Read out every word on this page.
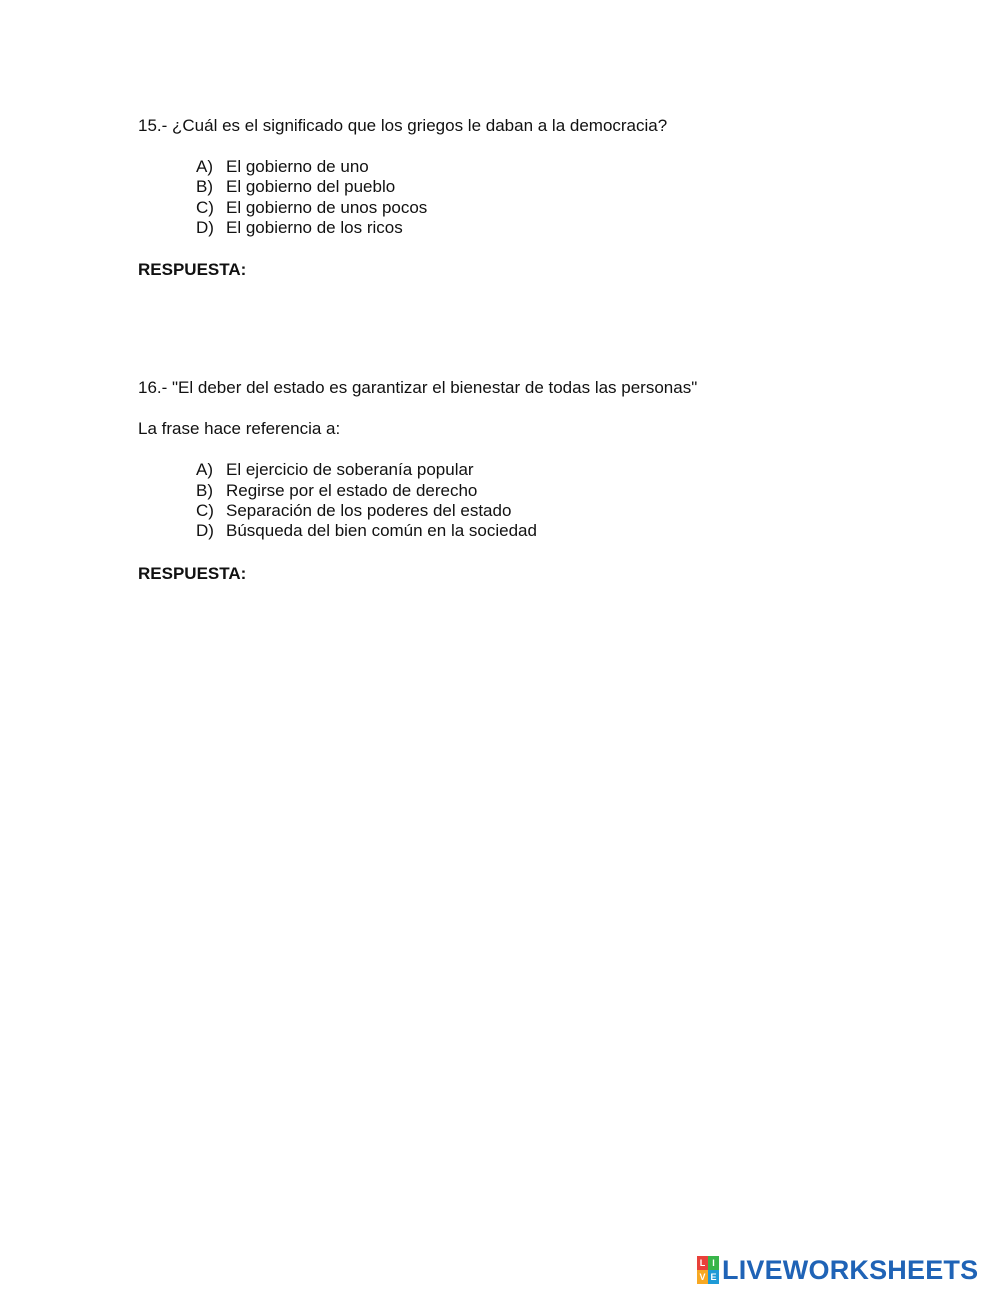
15.- ¿Cuál es el significado que los griegos le daban a la democracia?
A) El gobierno de uno
B) El gobierno del pueblo
C) El gobierno de unos pocos
D) El gobierno de los ricos
RESPUESTA:
16.- "El deber del estado es garantizar el bienestar de todas las personas"
La frase hace referencia a:
A) El ejercicio de soberanía popular
B) Regirse por el estado de derecho
C) Separación de los poderes del estado
D) Búsqueda del bien común en la sociedad
RESPUESTA:
L I
V E LIVEWORKSHEETS
